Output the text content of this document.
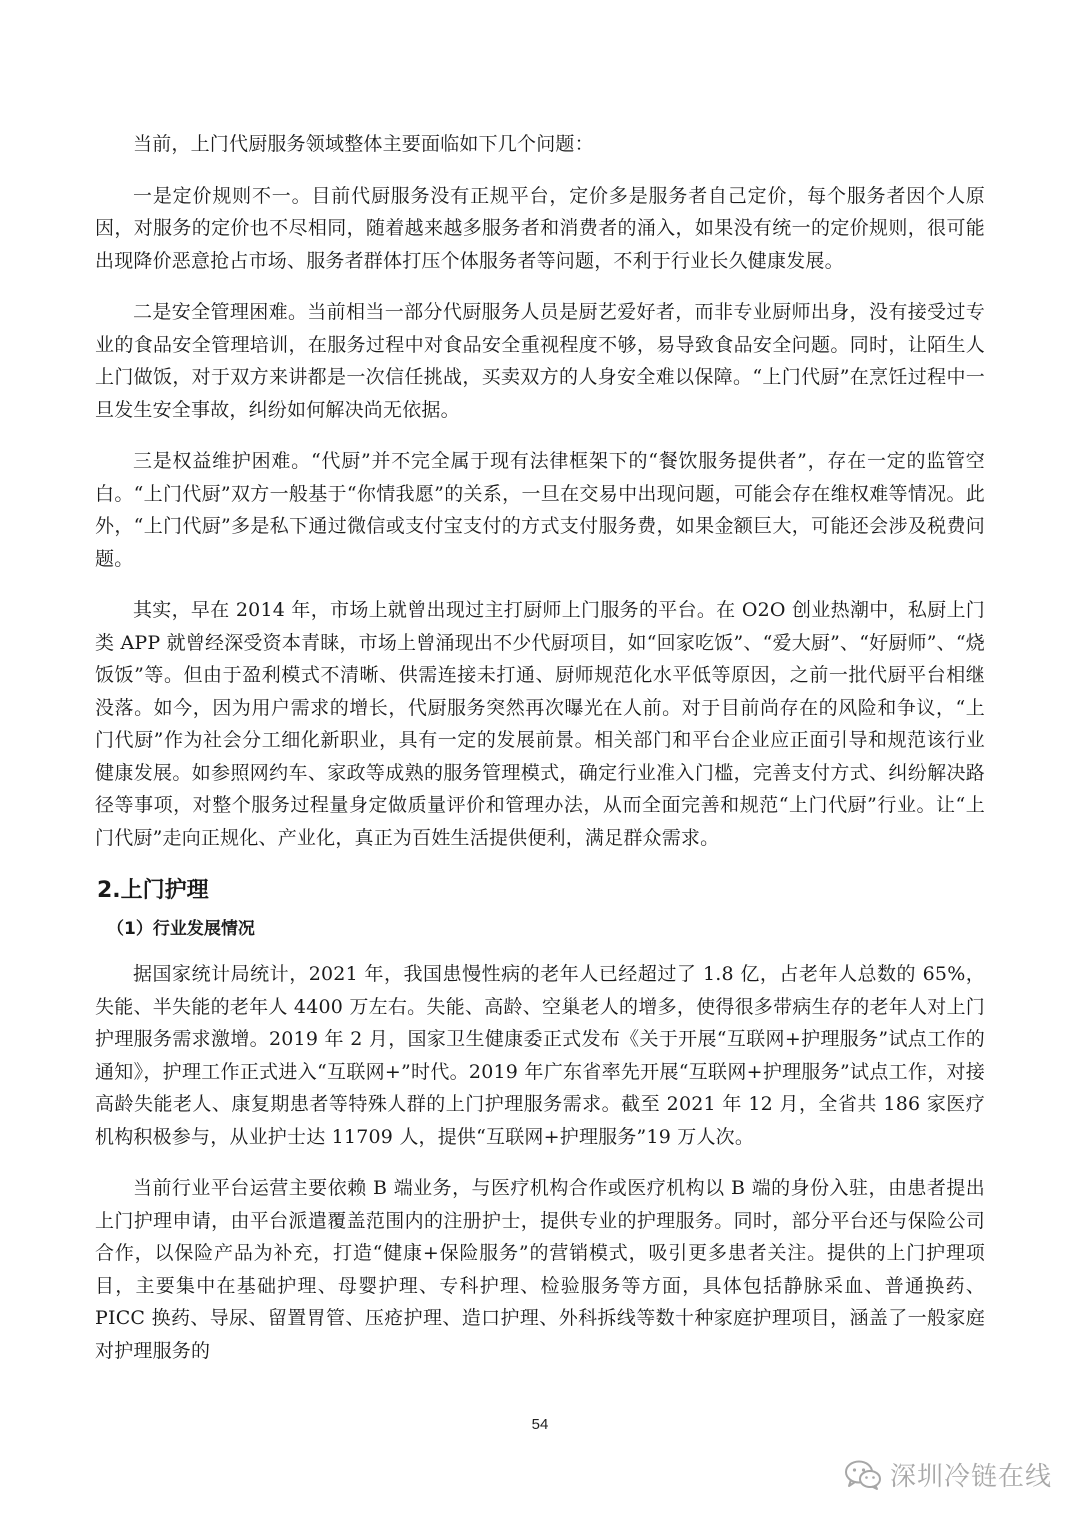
当前，上门代厨服务领域整体主要面临如下几个问题：

一是定价规则不一。目前代厨服务没有正规平台，定价多是服务者自己定价，每个服务者因个人原因，对服务的定价也不尽相同，随着越来越多服务者和消费者的涌入，如果没有统一的定价规则，很可能出现降价恶意抢占市场、服务者群体打压个体服务者等问题，不利于行业长久健康发展。

二是安全管理困难。当前相当一部分代厨服务人员是厨艺爱好者，而非专业厨师出身，没有接受过专业的食品安全管理培训，在服务过程中对食品安全重视程度不够，易导致食品安全问题。同时，让陌生人上门做饭，对于双方来讲都是一次信任挑战，买卖双方的人身安全难以保障。“上门代厨”在烹饪过程中一旦发生安全事故，纠纷如何解决尚无依据。

三是权益维护困难。“代厨”并不完全属于现有法律框架下的“餐饮服务提供者”，存在一定的监管空白。“上门代厨”双方一般基于“你情我愿”的关系，一旦在交易中出现问题，可能会存在维权难等情况。此外，“上门代厨”多是私下通过微信或支付宝支付的方式支付服务费，如果金额巨大，可能还会涉及税费问题。

其实，早在 2014 年，市场上就曾出现过主打厨师上门服务的平台。在 O2O 创业热潮中，私厨上门类 APP 就曾经深受资本青睐，市场上曾涌现出不少代厨项目，如“回家吃饭”、“爱大厨”、“好厨师”、“烧饭饭”等。但由于盈利模式不清晰、供需连接未打通、厨师规范化水平低等原因，之前一批代厨平台相继没落。如今，因为用户需求的增长，代厨服务突然再次曝光在人前。对于目前尚存在的风险和争议，“上门代厨”作为社会分工细化新职业，具有一定的发展前景。相关部门和平台企业应正面引导和规范该行业健康发展。如参照网约车、家政等成熟的服务管理模式，确定行业准入门槛，完善支付方式、纠纷解决路径等事项，对整个服务过程量身定做质量评价和管理办法，从而全面完善和规范“上门代厨”行业。让“上门代厨”走向正规化、产业化，真正为百姓生活提供便利，满足群众需求。

2.上门护理
（1）行业发展情况

据国家统计局统计，2021 年，我国患慢性病的老年人已经超过了 1.8 亿，占老年人总数的 65%，失能、半失能的老年人 4400 万左右。失能、高龄、空巢老人的增多，使得很多带病生存的老年人对上门护理服务需求激增。2019 年 2 月，国家卫生健康委正式发布《关于开展“互联网+护理服务”试点工作的通知》，护理工作正式进入“互联网+”时代。2019 年广东省率先开展“互联网+护理服务”试点工作，对接高龄失能老人、康复期患者等特殊人群的上门护理服务需求。截至 2021 年 12 月，全省共 186 家医疗机构积极参与，从业护士达 11709 人，提供“互联网+护理服务”19 万人次。

当前行业平台运营主要依赖 B 端业务，与医疗机构合作或医疗机构以 B 端的身份入驻，由患者提出上门护理申请，由平台派遣覆盖范围内的注册护士，提供专业的护理服务。同时，部分平台还与保险公司合作，以保险产品为补充，打造“健康+保险服务”的营销模式，吸引更多患者关注。提供的上门护理项目，主要集中在基础护理、母婴护理、专科护理、检验服务等方面，具体包括静脉采血、普通换药、PICC 换药、导尿、留置胃管、压疮护理、造口护理、外科拆线等数十种家庭护理项目，涵盖了一般家庭对护理服务的

54
深圳冷链在线
